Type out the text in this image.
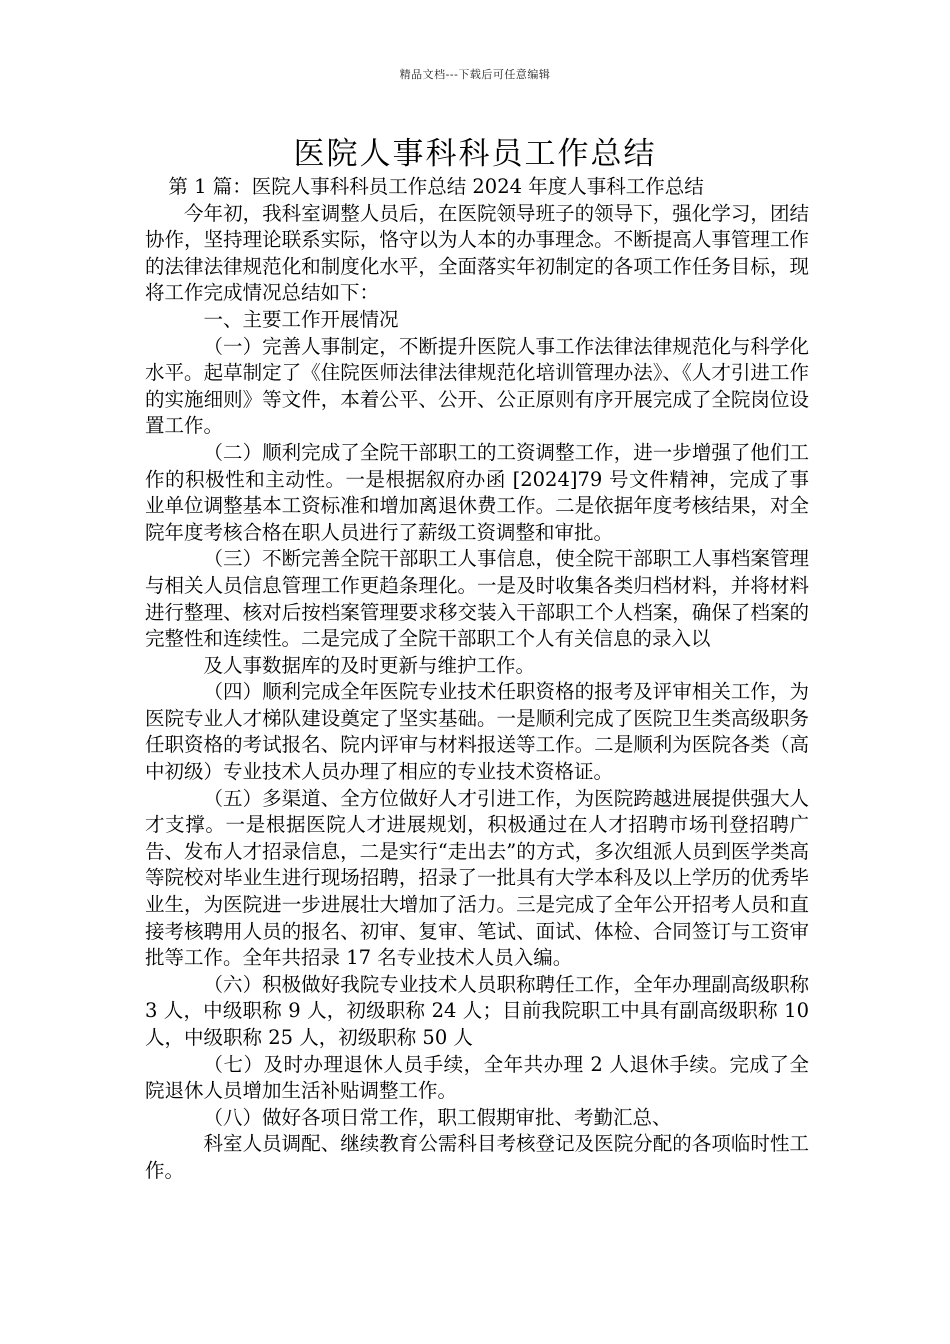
精品文档---下载后可任意编辑
医院人事科科员工作总结

第 1 篇：医院人事科科员工作总结 2024 年度人事科工作总结

今年初，我科室调整人员后，在医院领导班子的领导下，强化学习，团结协作，坚持理论联系实际，恪守以为人本的办事理念。不断提高人事管理工作的法律法律规范化和制度化水平，全面落实年初制定的各项工作任务目标，现将工作完成情况总结如下：

一、主要工作开展情况

（一）完善人事制定，不断提升医院人事工作法律法律规范化与科学化水平。起草制定了《住院医师法律法律规范化培训管理办法》、《人才引进工作的实施细则》等文件，本着公平、公开、公正原则有序开展完成了全院岗位设置工作。

（二）顺利完成了全院干部职工的工资调整工作，进一步增强了他们工作的积极性和主动性。一是根据叙府办函 [2024]79 号文件精神，完成了事业单位调整基本工资标准和增加离退休费工作。二是依据年度考核结果，对全院年度考核合格在职人员进行了薪级工资调整和审批。

（三）不断完善全院干部职工人事信息，使全院干部职工人事档案管理与相关人员信息管理工作更趋条理化。一是及时收集各类归档材料，并将材料进行整理、核对后按档案管理要求移交装入干部职工个人档案，确保了档案的完整性和连续性。二是完成了全院干部职工个人有关信息的录入以

及人事数据库的及时更新与维护工作。

（四）顺利完成全年医院专业技术任职资格的报考及评审相关工作，为医院专业人才梯队建设奠定了坚实基础。一是顺利完成了医院卫生类高级职务任职资格的考试报名、院内评审与材料报送等工作。二是顺利为医院各类（高中初级）专业技术人员办理了相应的专业技术资格证。

（五）多渠道、全方位做好人才引进工作，为医院跨越进展提供强大人才支撑。一是根据医院人才进展规划，积极通过在人才招聘市场刊登招聘广告、发布人才招录信息，二是实行“走出去”的方式，多次组派人员到医学类高等院校对毕业生进行现场招聘，招录了一批具有大学本科及以上学历的优秀毕业生，为医院进一步进展壮大增加了活力。三是完成了全年公开招考人员和直接考核聘用人员的报名、初审、复审、笔试、面试、体检、合同签订与工资审批等工作。全年共招录 17 名专业技术人员入编。

（六）积极做好我院专业技术人员职称聘任工作，全年办理副高级职称 3 人，中级职称 9 人，初级职称 24 人；目前我院职工中具有副高级职称 10 人，中级职称 25 人，初级职称 50 人

（七）及时办理退休人员手续，全年共办理 2 人退休手续。完成了全院退休人员增加生活补贴调整工作。

（八）做好各项日常工作，职工假期审批、考勤汇总、

科室人员调配、继续教育公需科目考核登记及医院分配的各项临时性工作。
